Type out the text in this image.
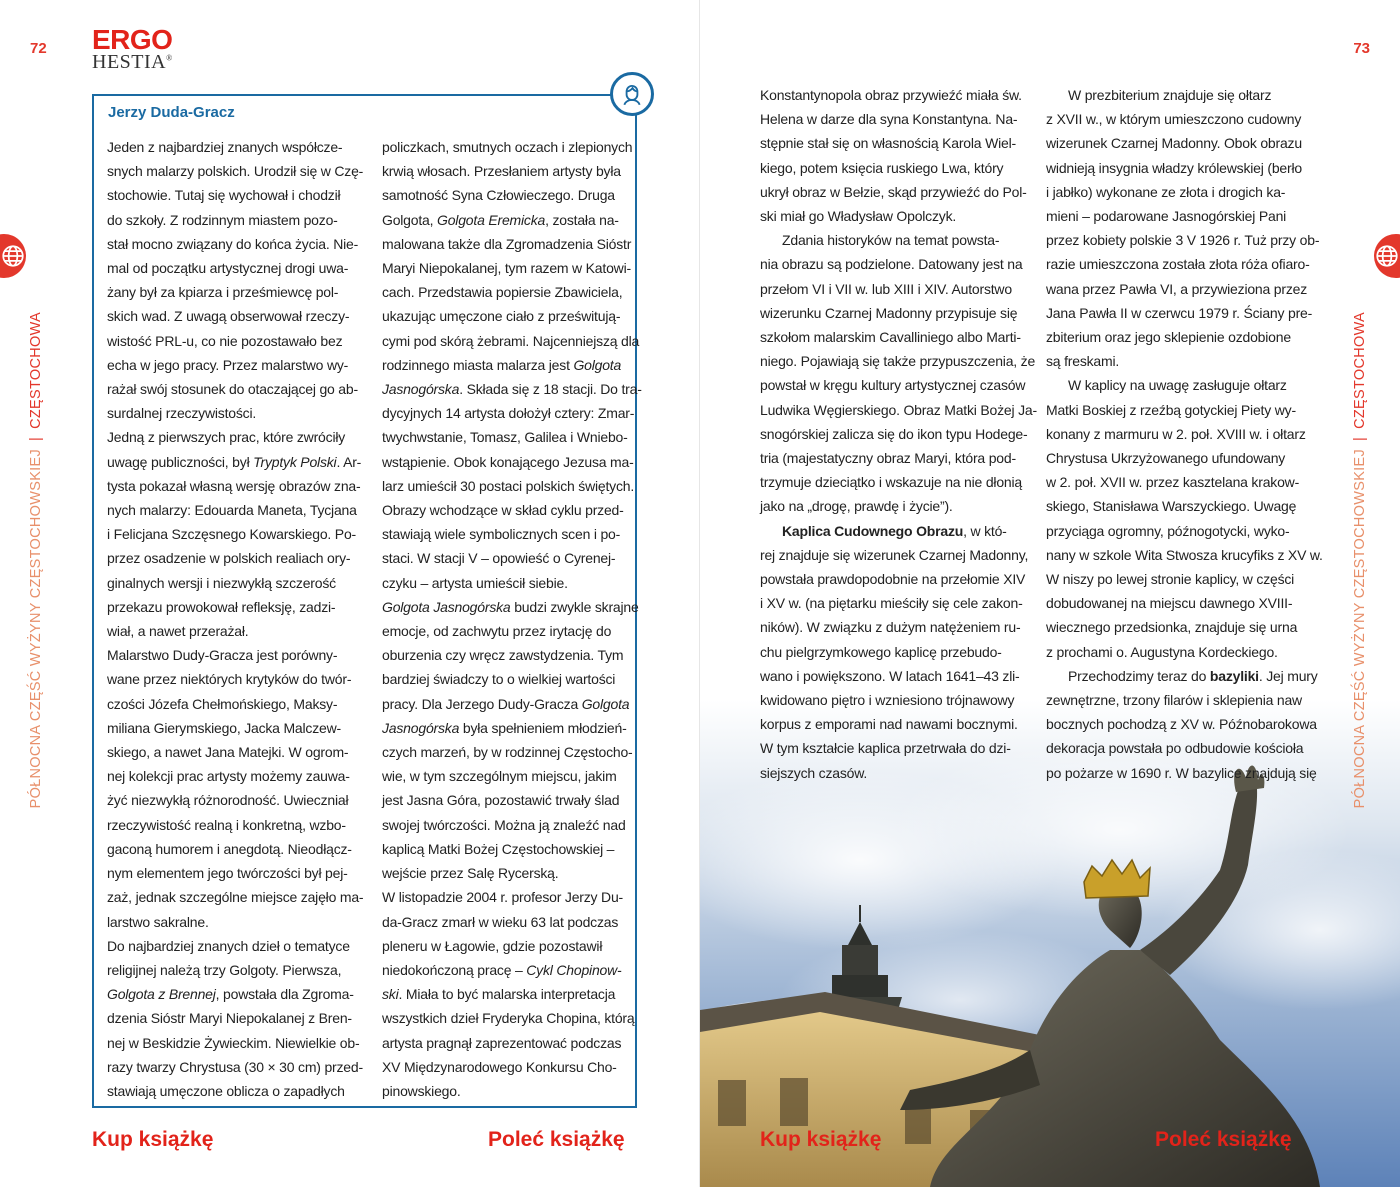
72 ERGO
HESTIA®
PÓŁNOCNA CZĘŚĆ WYŻYNY CZĘSTOCHOWSKIEJ|CZĘSTOCHOWA
Jerzy Duda-Gracz
Jeden z najbardziej znanych współcze-
snych malarzy polskich. Urodził się w Czę-
stochowie. Tutaj się wychował i chodził
do szkoły. Z rodzinnym miastem pozo-
stał mocno związany do końca życia. Nie-
mal od początku artystycznej drogi uwa-
żany był za kpiarza i prześmiewcę pol-
skich wad. Z uwagą obserwował rzeczy-
wistość PRL-u, co nie pozostawało bez
echa w jego pracy. Przez malarstwo wy-
rażał swój stosunek do otaczającej go ab-
surdalnej rzeczywistości.
Jedną z pierwszych prac, które zwróciły
uwagę publiczności, był Tryptyk Polski. Ar-
tysta pokazał własną wersję obrazów zna-
nych malarzy: Edouarda Maneta, Tycjana
i Felicjana Szczęsnego Kowarskiego. Po-
przez osadzenie w polskich realiach ory-
ginalnych wersji i niezwykłą szczerość
przekazu prowokował refleksję, zadzi-
wiał, a nawet przerażał.
Malarstwo Dudy-Gracza jest porówny-
wane przez niektórych krytyków do twór-
czości Józefa Chełmońskiego, Maksy-
miliana Gierymskiego, Jacka Malczew-
skiego, a nawet Jana Matejki. W ogrom-
nej kolekcji prac artysty możemy zauwa-
żyć niezwykłą różnorodność. Uwieczniał
rzeczywistość realną i konkretną, wzbo-
gaconą humorem i anegdotą. Nieodłącz-
nym elementem jego twórczości był pej-
zaż, jednak szczególne miejsce zajęło ma-
larstwo sakralne.
Do najbardziej znanych dzieł o tematyce
religijnej należą trzy Golgoty. Pierwsza,
Golgota z Brennej, powstała dla Zgroma-
dzenia Sióstr Maryi Niepokalanej z Bren-
nej w Beskidzie Żywieckim. Niewielkie ob-
razy twarzy Chrystusa (30 × 30 cm) przed-
stawiają umęczone oblicza o zapadłych
policzkach, smutnych oczach i zlepionych
krwią włosach. Przesłaniem artysty była
samotność Syna Człowieczego. Druga
Golgota, Golgota Eremicka, została na-
malowana także dla Zgromadzenia Sióstr
Maryi Niepokalanej, tym razem w Katowi-
cach. Przedstawia popiersie Zbawiciela,
ukazując umęczone ciało z prześwitują-
cymi pod skórą żebrami. Najcenniejszą dla
rodzinnego miasta malarza jest Golgota
Jasnogórska. Składa się z 18 stacji. Do tra-
dycyjnych 14 artysta dołożył cztery: Zmar-
twychwstanie, Tomasz, Galilea i Wniebo-
wstąpienie. Obok konającego Jezusa ma-
larz umieścił 30 postaci polskich świętych.
Obrazy wchodzące w skład cyklu przed-
stawiają wiele symbolicznych scen i po-
staci. W stacji V – opowieść o Cyrenej-
czyku – artysta umieścił siebie.
Golgota Jasnogórska budzi zwykle skrajne
emocje, od zachwytu przez irytację do
oburzenia czy wręcz zawstydzenia. Tym
bardziej świadczy to o wielkiej wartości
pracy. Dla Jerzego Dudy-Gracza Golgota
Jasnogórska była spełnieniem młodzień-
czych marzeń, by w rodzinnej Częstocho-
wie, w tym szczególnym miejscu, jakim
jest Jasna Góra, pozostawić trwały ślad
swojej twórczości. Można ją znaleźć nad
kaplicą Matki Bożej Częstochowskiej –
wejście przez Salę Rycerską.
W listopadzie 2004 r. profesor Jerzy Du-
da-Gracz zmarł w wieku 63 lat podczas
pleneru w Łagowie, gdzie pozostawił
niedokończoną pracę – Cykl Chopinow-
ski. Miała to być malarska interpretacja
wszystkich dzieł Fryderyka Chopina, którą
artysta pragnął zaprezentować podczas
XV Międzynarodowego Konkursu Cho-
pinowskiego.
Kup książkę	Poleć książkę
73
PÓŁNOCNA CZĘŚĆ WYŻYNY CZĘSTOCHOWSKIEJ|CZĘSTOCHOWA
Konstantynopola obraz przywieźć miała św.
Helena w darze dla syna Konstantyna. Na-
stępnie stał się on własnością Karola Wiel-
kiego, potem księcia ruskiego Lwa, który
ukrył obraz w Bełzie, skąd przywieźć do Pol-
ski miał go Władysław Opolczyk.
Zdania historyków na temat powsta-
nia obrazu są podzielone. Datowany jest na
przełom VI i VII w. lub XIII i XIV. Autorstwo
wizerunku Czarnej Madonny przypisuje się
szkołom malarskim Cavalliniego albo Marti-
niego. Pojawiają się także przypuszczenia, że
powstał w kręgu kultury artystycznej czasów
Ludwika Węgierskiego. Obraz Matki Bożej Ja-
snogórskiej zalicza się do ikon typu Hodege-
tria (majestatyczny obraz Maryi, która pod-
trzymuje dzieciątko i wskazuje na nie dłonią
jako na „drogę, prawdę i życie”).
Kaplica Cudownego Obrazu, w któ-
rej znajduje się wizerunek Czarnej Madonny,
powstała prawdopodobnie na przełomie XIV
i XV w. (na piętarku mieściły się cele zakon-
ników). W związku z dużym natężeniem ru-
chu pielgrzymkowego kaplicę przebudo-
wano i powiększono. W latach 1641–43 zli-
kwidowano piętro i wzniesiono trójnawowy
korpus z emporami nad nawami bocznymi.
W tym kształcie kaplica przetrwała do dzi-
siejszych czasów.
W prezbiterium znajduje się ołtarz
z XVII w., w którym umieszczono cudowny
wizerunek Czarnej Madonny. Obok obrazu
widnieją insygnia władzy królewskiej (berło
i jabłko) wykonane ze złota i drogich ka-
mieni – podarowane Jasnogórskiej Pani
przez kobiety polskie 3 V 1926 r. Tuż przy ob-
razie umieszczona została złota róża ofiaro-
wana przez Pawła VI, a przywieziona przez
Jana Pawła II w czerwcu 1979 r. Ściany pre-
zbiterium oraz jego sklepienie ozdobione
są freskami.
W kaplicy na uwagę zasługuje ołtarz
Matki Boskiej z rzeźbą gotyckiej Piety wy-
konany z marmuru w 2. poł. XVIII w. i ołtarz
Chrystusa Ukrzyżowanego ufundowany
w 2. poł. XVII w. przez kasztelana krakow-
skiego, Stanisława Warszyckiego. Uwagę
przyciąga ogromny, późnogotycki, wyko-
nany w szkole Wita Stwosza krucyfiks z XV w.
W niszy po lewej stronie kaplicy, w części
dobudowanej na miejscu dawnego XVIII-
wiecznego przedsionka, znajduje się urna
z prochami o. Augustyna Kordeckiego.
Przechodzimy teraz do bazyliki. Jej mury
zewnętrzne, trzony filarów i sklepienia naw
bocznych pochodzą z XV w. Późnobarokowa
dekoracja powstała po odbudowie kościoła
po pożarze w 1690 r. W bazylice znajdują się
Kup książkę	Poleć książkę
